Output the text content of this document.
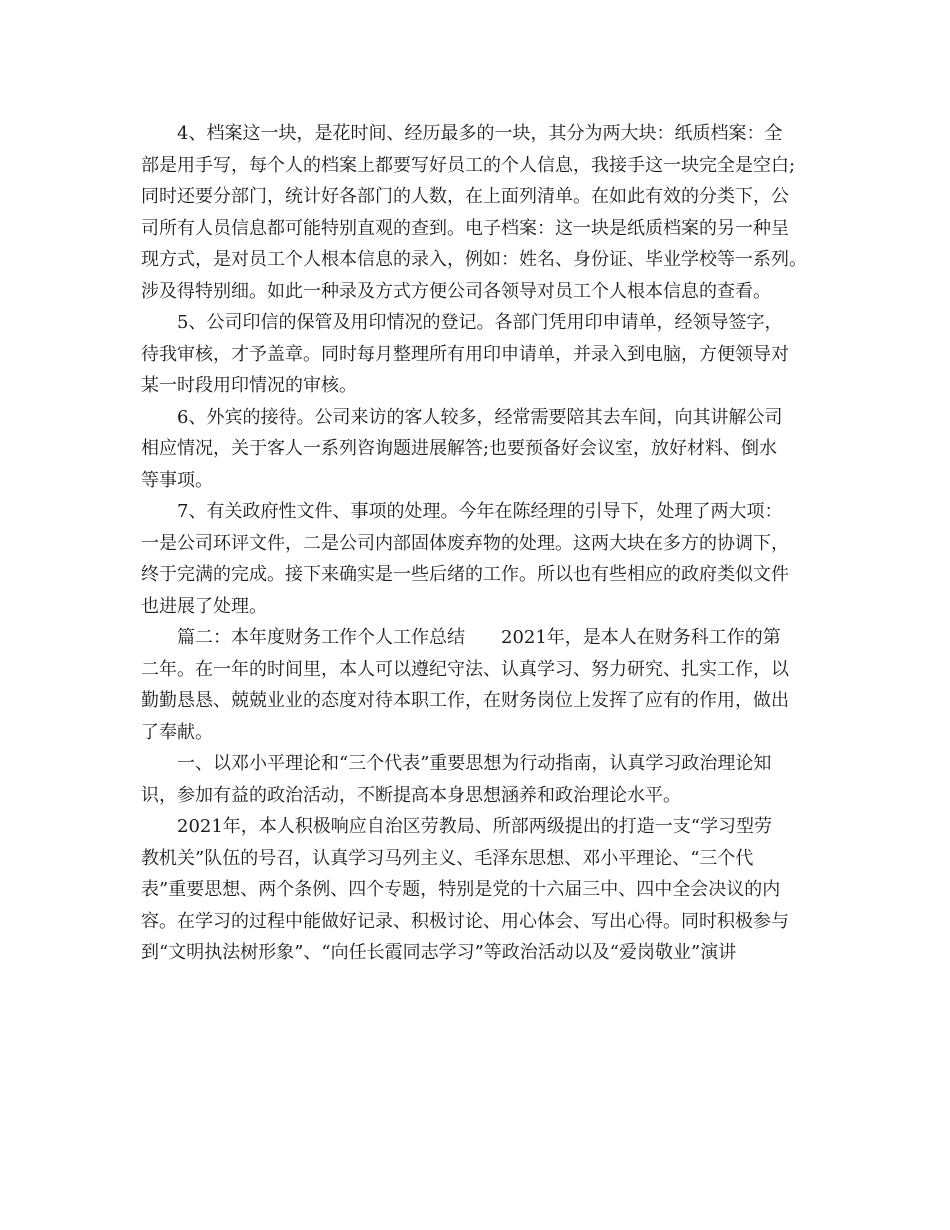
4、档案这一块，是花时间、经历最多的一块，其分为两大块：纸质档案：全
部是用手写，每个人的档案上都要写好员工的个人信息，我接手这一块完全是空白;
同时还要分部门，统计好各部门的人数，在上面列清单。在如此有效的分类下，公
司所有人员信息都可能特别直观的查到。电子档案：这一块是纸质档案的另一种呈
现方式，是对员工个人根本信息的录入，例如：姓名、身份证、毕业学校等一系列。
涉及得特别细。如此一种录及方式方便公司各领导对员工个人根本信息的查看。
5、公司印信的保管及用印情况的登记。各部门凭用印申请单，经领导签字，
待我审核，才予盖章。同时每月整理所有用印申请单，并录入到电脑，方便领导对
某一时段用印情况的审核。
6、外宾的接待。公司来访的客人较多，经常需要陪其去车间，向其讲解公司
相应情况，关于客人一系列咨询题进展解答;也要预备好会议室，放好材料、倒水
等事项。
7、有关政府性文件、事项的处理。今年在陈经理的引导下，处理了两大项：
一是公司环评文件，二是公司内部固体废弃物的处理。这两大块在多方的协调下，
终于完满的完成。接下来确实是一些后绪的工作。所以也有些相应的政府类似文件
也进展了处理。
篇二：本年度财务工作个人工作总结　　2021年，是本人在财务科工作的第
二年。在一年的时间里，本人可以遵纪守法、认真学习、努力研究、扎实工作，以
勤勤恳恳、兢兢业业的态度对待本职工作，在财务岗位上发挥了应有的作用，做出
了奉献。
一、以邓小平理论和“三个代表”重要思想为行动指南，认真学习政治理论知
识，参加有益的政治活动，不断提高本身思想涵养和政治理论水平。
2021年，本人积极响应自治区劳教局、所部两级提出的打造一支“学习型劳
教机关”队伍的号召，认真学习马列主义、毛泽东思想、邓小平理论、“三个代
表”重要思想、两个条例、四个专题，特别是党的十六届三中、四中全会决议的内
容。在学习的过程中能做好记录、积极讨论、用心体会、写出心得。同时积极参与
到“文明执法树形象”、“向任长霞同志学习”等政治活动以及“爱岗敬业”演讲
